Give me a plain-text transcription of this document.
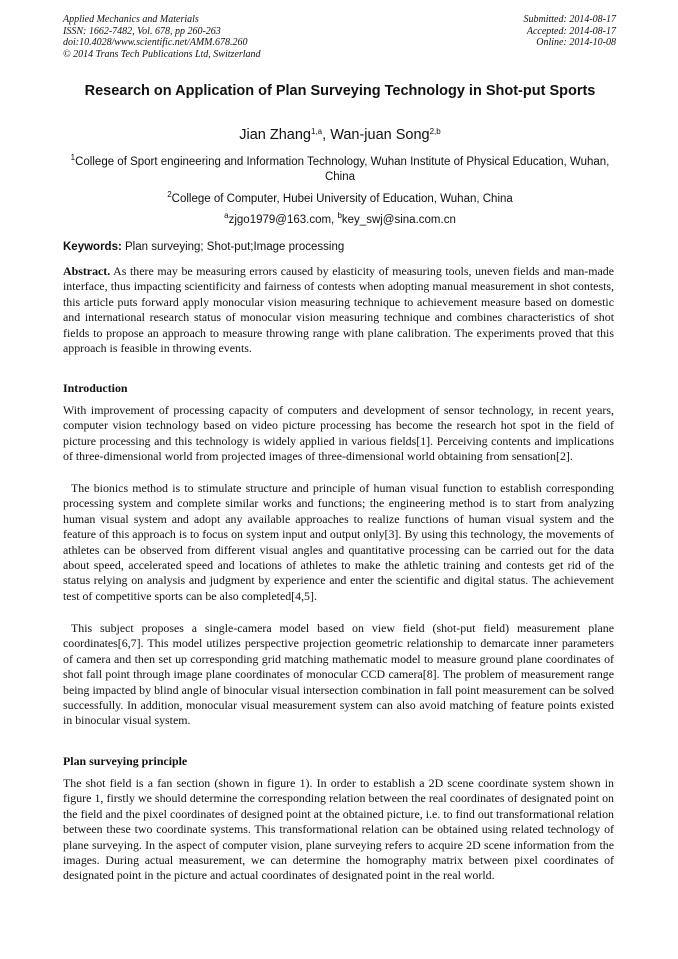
Applied Mechanics and Materials
ISSN: 1662-7482, Vol. 678, pp 260-263
doi:10.4028/www.scientific.net/AMM.678.260
© 2014 Trans Tech Publications Ltd, Switzerland
Submitted: 2014-08-17
Accepted: 2014-08-17
Online: 2014-10-08
Research on Application of Plan Surveying Technology in Shot-put Sports
Jian Zhang$^{1,a}$, Wan-juan Song$^{2,b}$
$^1$College of Sport engineering and Information Technology, Wuhan Institute of Physical Education, Wuhan, China
$^2$College of Computer, Hubei University of Education, Wuhan, China
$^a$zjgo1979@163.com, $^b$key_swj@sina.com.cn
Keywords: Plan surveying; Shot-put;Image processing
Abstract. As there may be measuring errors caused by elasticity of measuring tools, uneven fields and man-made interface, thus impacting scientificity and fairness of contests when adopting manual measurement in shot contests, this article puts forward apply monocular vision measuring technique to achievement measure based on domestic and international research status of monocular vision measuring technique and combines characteristics of shot fields to propose an approach to measure throwing range with plane calibration. The experiments proved that this approach is feasible in throwing events.
Introduction
With improvement of processing capacity of computers and development of sensor technology, in recent years, computer vision technology based on video picture processing has become the research hot spot in the field of picture processing and this technology is widely applied in various fields[1]. Perceiving contents and implications of three-dimensional world from projected images of three-dimensional world obtaining from sensation[2].
The bionics method is to stimulate structure and principle of human visual function to establish corresponding processing system and complete similar works and functions; the engineering method is to start from analyzing human visual system and adopt any available approaches to realize functions of human visual system and the feature of this approach is to focus on system input and output only[3]. By using this technology, the movements of athletes can be observed from different visual angles and quantitative processing can be carried out for the data about speed, accelerated speed and locations of athletes to make the athletic training and contests get rid of the status relying on analysis and judgment by experience and enter the scientific and digital status. The achievement test of competitive sports can be also completed[4,5].
This subject proposes a single-camera model based on view field (shot-put field) measurement plane coordinates[6,7]. This model utilizes perspective projection geometric relationship to demarcate inner parameters of camera and then set up corresponding grid matching mathematic model to measure ground plane coordinates of shot fall point through image plane coordinates of monocular CCD camera[8]. The problem of measurement range being impacted by blind angle of binocular visual intersection combination in fall point measurement can be solved successfully. In addition, monocular visual measurement system can also avoid matching of feature points existed in binocular visual system.
Plan surveying principle
The shot field is a fan section (shown in figure 1). In order to establish a 2D scene coordinate system shown in figure 1, firstly we should determine the corresponding relation between the real coordinates of designated point on the field and the pixel coordinates of designed point at the obtained picture, i.e. to find out transformational relation between these two coordinate systems. This transformational relation can be obtained using related technology of plane surveying. In the aspect of computer vision, plane surveying refers to acquire 2D scene information from the images. During actual measurement, we can determine the homography matrix between pixel coordinates of designated point in the picture and actual coordinates of designated point in the real world.
